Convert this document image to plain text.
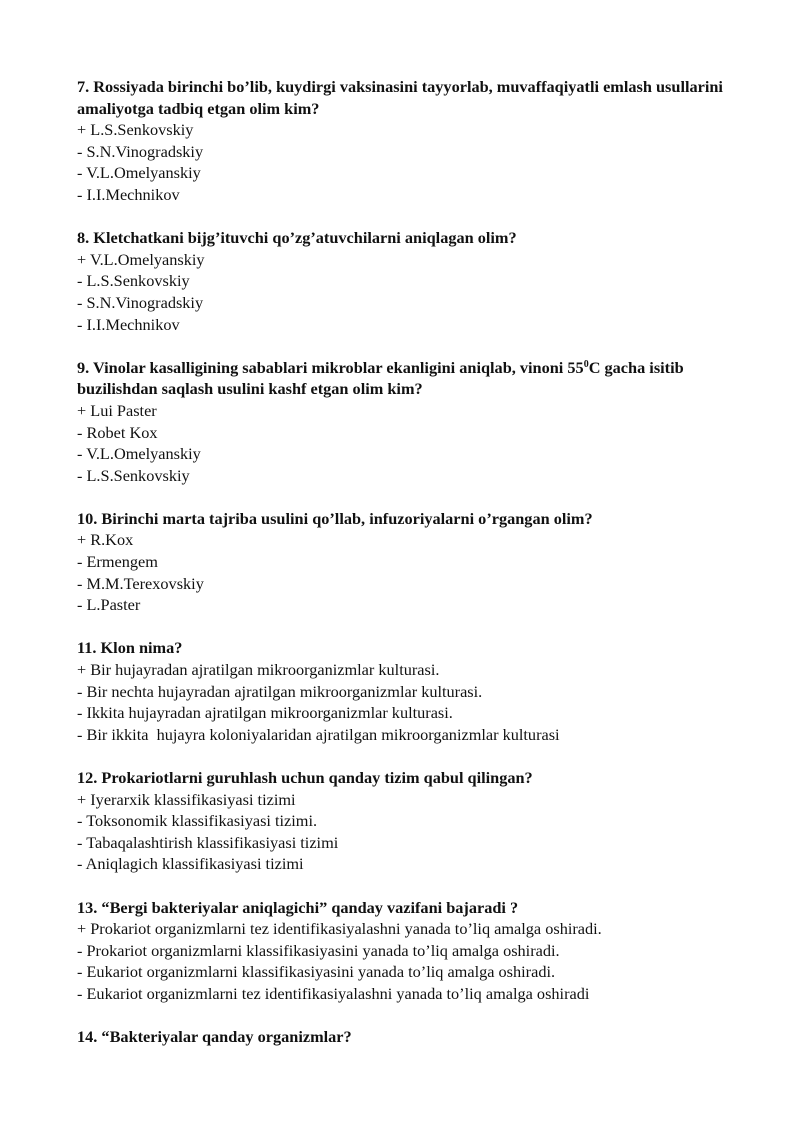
7. Rossiyada birinchi bo’lib, kuydirgi vaksinasini tayyorlab, muvaffaqiyatli emlash usullarini amaliyotga tadbiq etgan olim kim?

+ L.S.Senkovskiy

- S.N.Vinogradskiy

- V.L.Omelyanskiy

- I.I.Mechnikov

8. Kletchatkani bijg’ituvchi qo’zg’atuvchilarni aniqlagan olim?

+ V.L.Omelyanskiy

- L.S.Senkovskiy

- S.N.Vinogradskiy

- I.I.Mechnikov

9. Vinolar kasalligining sabablari mikroblar ekanligini aniqlab, vinoni $55^0C$ gacha isitib buzilishdan saqlash usulini kashf etgan olim kim?

+ Lui Paster

- Robet Kox

- V.L.Omelyanskiy

- L.S.Senkovskiy

10. Birinchi marta tajriba usulini qo’llab, infuzoriyalarni o’rgangan olim?

+ R.Kox

- Ermengem

- M.M.Terexovskiy

- L.Paster

11. Klon nima?

+ Bir hujayradan ajratilgan mikroorganizmlar kulturasi.

- Bir nechta hujayradan ajratilgan mikroorganizmlar kulturasi.

- Ikkita hujayradan ajratilgan mikroorganizmlar kulturasi.

- Bir ikkita  hujayra koloniyalaridan ajratilgan mikroorganizmlar kulturasi

12. Prokariotlarni guruhlash uchun qanday tizim qabul qilingan?

+ Iyerarxik klassifikasiyasi tizimi

- Toksonomik klassifikasiyasi tizimi.

- Tabaqalashtirish klassifikasiyasi tizimi

- Aniqlagich klassifikasiyasi tizimi

13. “Bergi bakteriyalar aniqlagichi” qanday vazifani bajaradi ?

+ Prokariot organizmlarni tez identifikasiyalashni yanada to’liq amalga oshiradi.

- Prokariot organizmlarni klassifikasiyasini yanada to’liq amalga oshiradi.

- Eukariot organizmlarni klassifikasiyasini yanada to’liq amalga oshiradi.

- Eukariot organizmlarni tez identifikasiyalashni yanada to’liq amalga oshiradi

14. “Bakteriyalar qanday organizmlar?
